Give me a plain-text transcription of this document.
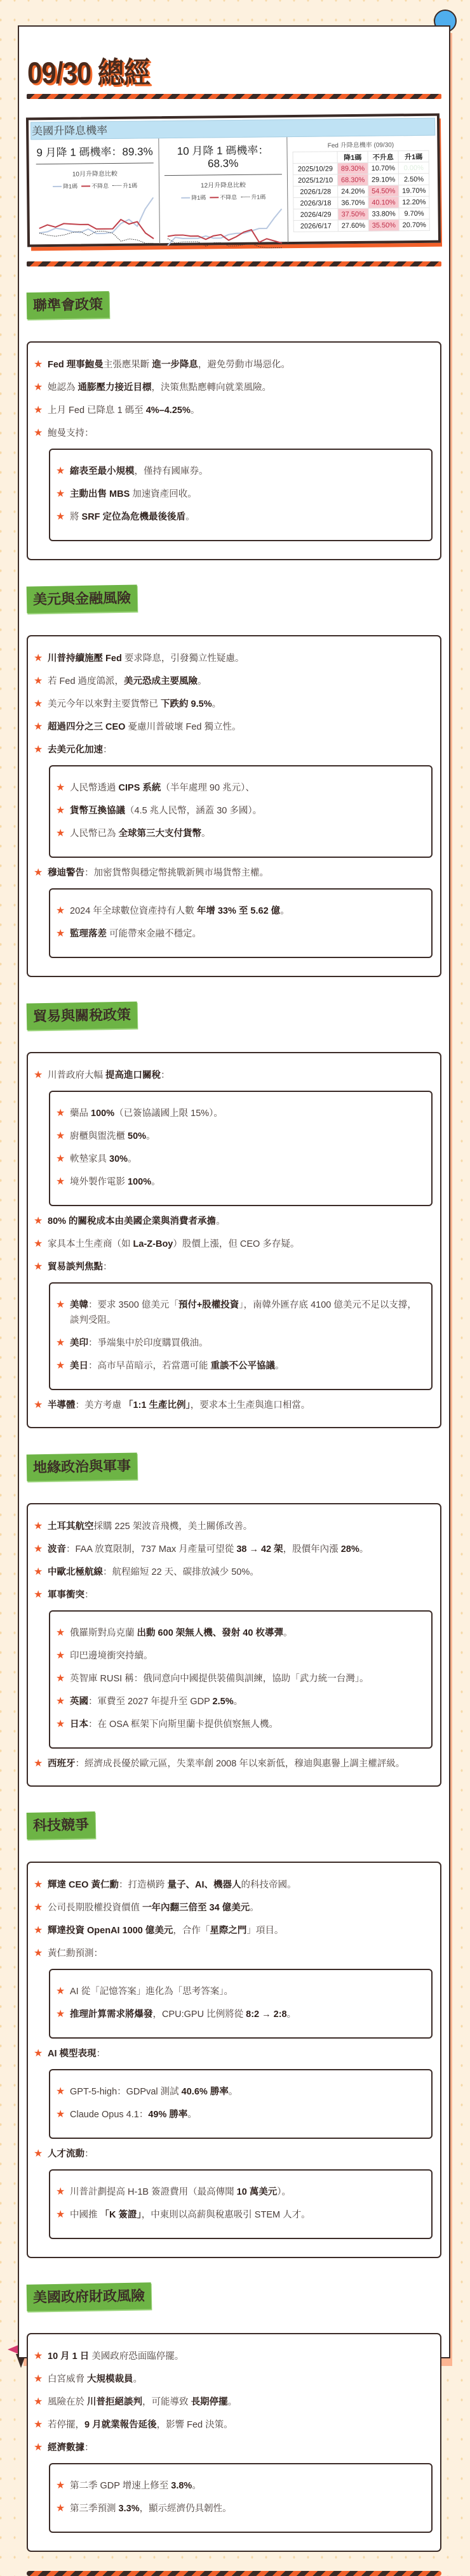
09/30 總經
美國升降息機率
9 月降 1 碼機率：89.3%
10月升降息比較
降1碼 不降息 升1碼
10 月降 1 碼機率：68.3%
12月升降息比較
降1碼 不降息 升1碼
Fed 升降息機率 (09/30)
	降1碼	不升息	升1碼
2025/10/29	89.30%	10.70%	0.00%
2025/12/10	68.30%	29.10%	2.50%
2026/1/28	24.20%	54.50%	19.70%
2026/3/18	36.70%	40.10%	12.20%
2026/4/29	37.50%	33.80%	9.70%
2026/6/17	27.60%	35.50%	20.70%
聯準會政策
★ Fed 理事鮑曼主張應果斷 進一步降息，避免勞動市場惡化。
★ 她認為 通膨壓力接近目標，決策焦點應轉向就業風險。
★ 上月 Fed 已降息 1 碼至 4%–4.25%。
★ 鮑曼支持：
★ 縮表至最小規模，僅持有國庫券。
★ 主動出售 MBS 加速資產回收。
★ 將 SRF 定位為危機最後後盾。
美元與金融風險
★ 川普持續施壓 Fed 要求降息，引發獨立性疑慮。
★ 若 Fed 過度鴿派，美元恐成主要風險。
★ 美元今年以來對主要貨幣已 下跌約 9.5%。
★ 超過四分之三 CEO 憂慮川普破壞 Fed 獨立性。
★ 去美元化加速：
★ 人民幣透過 CIPS 系統（半年處理 90 兆元）、
★ 貨幣互換協議（4.5 兆人民幣，涵蓋 30 多國）。
★ 人民幣已為 全球第三大支付貨幣。
★ 穆迪警告：加密貨幣與穩定幣挑戰新興市場貨幣主權。
★ 2024 年全球數位資產持有人數 年增 33% 至 5.62 億。
★ 監理落差 可能帶來金融不穩定。
貿易與關稅政策
★ 川普政府大幅 提高進口關稅：
★ 藥品 100%（已簽協議國上限 15%）。
★ 廚櫃與盥洗櫃 50%。
★ 軟墊家具 30%。
★ 境外製作電影 100%。
★ 80% 的關稅成本由美國企業與消費者承擔。
★ 家具本土生產商（如 La-Z-Boy）股價上漲，但 CEO 多存疑。
★ 貿易談判焦點：
★ 美韓：要求 3500 億美元「預付+股權投資」，南韓外匯存底 4100 億美元不足以支撐，談判受阻。
★ 美印：爭端集中於印度購買俄油。
★ 美日：高市早苗暗示，若當選可能 重談不公平協議。
★ 半導體：美方考慮 「1:1 生產比例」，要求本土生產與進口相當。
地緣政治與軍事
★ 土耳其航空採購 225 架波音飛機，美土關係改善。
★ 波音：FAA 放寬限制，737 Max 月產量可望從 38 → 42 架，股價年內漲 28%。
★ 中歐北極航線：航程縮短 22 天、碳排放減少 50%。
★ 軍事衝突：
★ 俄羅斯對烏克蘭 出動 600 架無人機、發射 40 枚導彈。
★ 印巴邊境衝突持續。
★ 英智庫 RUSI 稱：俄同意向中國提供裝備與訓練，協助「武力統一台灣」。
★ 英國：軍費至 2027 年提升至 GDP 2.5%。
★ 日本：在 OSA 框架下向斯里蘭卡提供偵察無人機。
★ 西班牙：經濟成長優於歐元區，失業率創 2008 年以來新低，穆迪與惠譽上調主權評級。
科技競爭
★ 輝達 CEO 黃仁勳：打造橫跨 量子、AI、機器人的科技帝國。
★ 公司長期股權投資價值 一年內翻三倍至 34 億美元。
★ 輝達投資 OpenAI 1000 億美元，合作「星際之門」項目。
★ 黃仁勳預測：
★ AI 從「記憶答案」進化為「思考答案」。
★ 推理計算需求將爆發，CPU:GPU 比例將從 8:2 → 2:8。
★ AI 模型表現：
★ GPT-5-high：GDPval 測試 40.6% 勝率。
★ Claude Opus 4.1：49% 勝率。
★ 人才流動：
★ 川普計劃提高 H-1B 簽證費用（最高傳聞 10 萬美元）。
★ 中國推 「K 簽證」，中東則以高薪與稅惠吸引 STEM 人才。
美國政府財政風險
★ 10 月 1 日 美國政府恐面臨停擺。
★ 白宮威脅 大規模裁員。
★ 風險在於 川普拒絕談判，可能導致 長期停擺。
★ 若停擺，9 月就業報告延後，影響 Fed 決策。
★ 經濟數據：
★ 第二季 GDP 增速上修至 3.8%。
★ 第三季預測 3.3%，顯示經濟仍具韌性。
